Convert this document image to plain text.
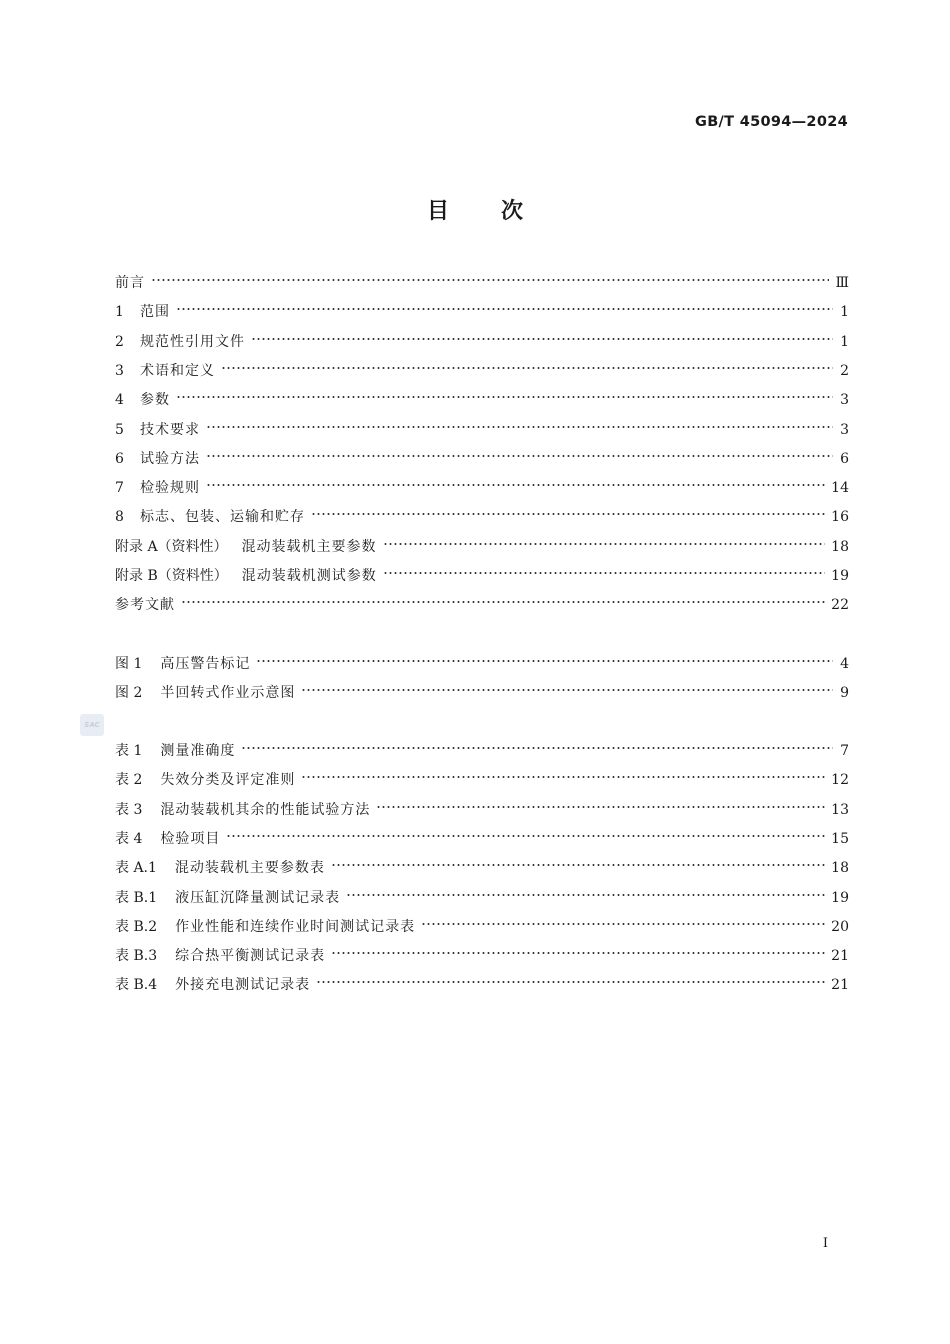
GB/T 45094—2024
目次
前言	Ⅲ
1	范围	1
2	规范性引用文件	1
3	术语和定义	2
4	参数	3
5	技术要求	3
6	试验方法	6
7	检验规则	14
8	标志、包装、运输和贮存	16
附录 A（资料性） 混动装载机主要参数	18
附录 B（资料性） 混动装载机测试参数	19
参考文献	22
图 1 高压警告标记	4
图 2 半回转式作业示意图	9
表 1 测量准确度	7
表 2 失效分类及评定准则	12
表 3 混动装载机其余的性能试验方法	13
表 4 检验项目	15
表 A.1 混动装载机主要参数表	18
表 B.1 液压缸沉降量测试记录表	19
表 B.2 作业性能和连续作业时间测试记录表	20
表 B.3 综合热平衡测试记录表	21
表 B.4 外接充电测试记录表	21
SAC
I
